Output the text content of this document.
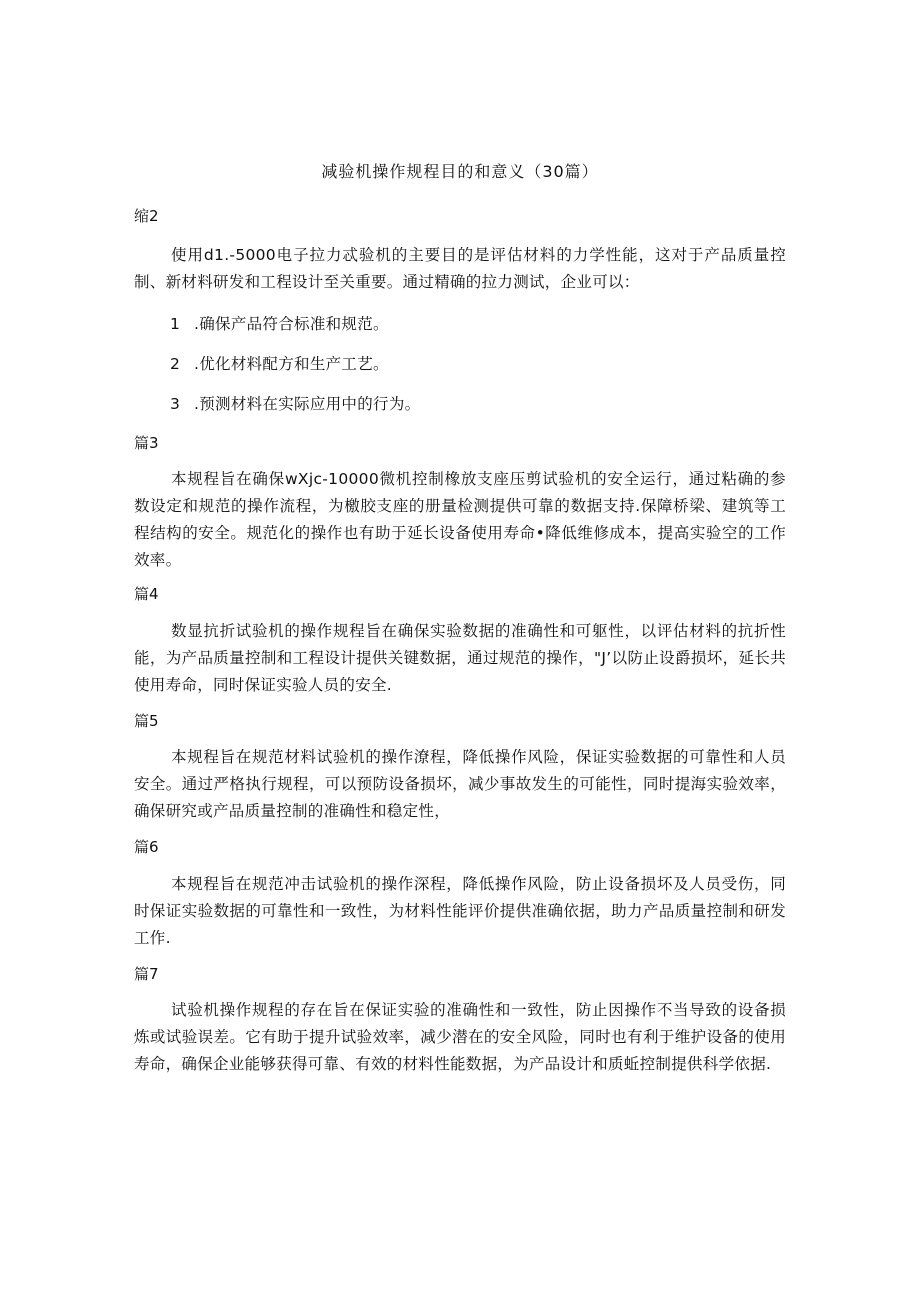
减验机操作规程目的和意义（30篇）
缩2

使用d1.-5000电子拉力忒验机的主要目的是评估材料的力学性能，这对于产品质量控制、新材料研发和工程设计至关重要。通过精确的拉力测试，企业可以：

1 .确保产品符合标准和规范。
2 .优化材料配方和生产工艺。
3 .预测材料在实际应用中的行为。
篇3

本规程旨在确保wXjc-10000微机控制橡放支座压剪试验机的安全运行，通过粘确的参数设定和规范的操作流程，为檄胶支座的册量检测提供可靠的数据支持.保障桥梁、建筑等工程结构的安全。规范化的操作也有助于延长设备使用寿命•降低维修成本，提高实验空的工作效率。

篇4

数显抗折试验机的操作规程旨在确保实验数据的准确性和可躯性，以评估材料的抗折性能，为产品质量控制和工程设计提供关键数据，通过规范的操作，"J’以防止设爵损坏，延长共使用寿命，同时保证实验人员的安全.

篇5

本规程旨在规范材料试验机的操作潦程，降低操作风险，保证实验数据的可靠性和人员安全。通过严格执行规程，可以预防设备损坏，减少事故发生的可能性，同时提海实验效率，确保研究或产品质量控制的准确性和稳定性，

篇6

本规程旨在规范冲击试验机的操作深程，降低操作风险，防止设备损坏及人员受伤，同时保证实验数据的可靠性和一致性，为材料性能评价提供准确依据，助力产品质量控制和研发工作.

篇7

试验机操作规程的存在旨在保证实验的准确性和一致性，防止因操作不当导致的设备损炼或试验误差。它有助于提升试验效率，减少潜在的安全风险，同时也有利于维护设备的使用寿命，确保企业能够获得可靠、有效的材料性能数据，为产品设计和质蚯控制提供科学依据.
